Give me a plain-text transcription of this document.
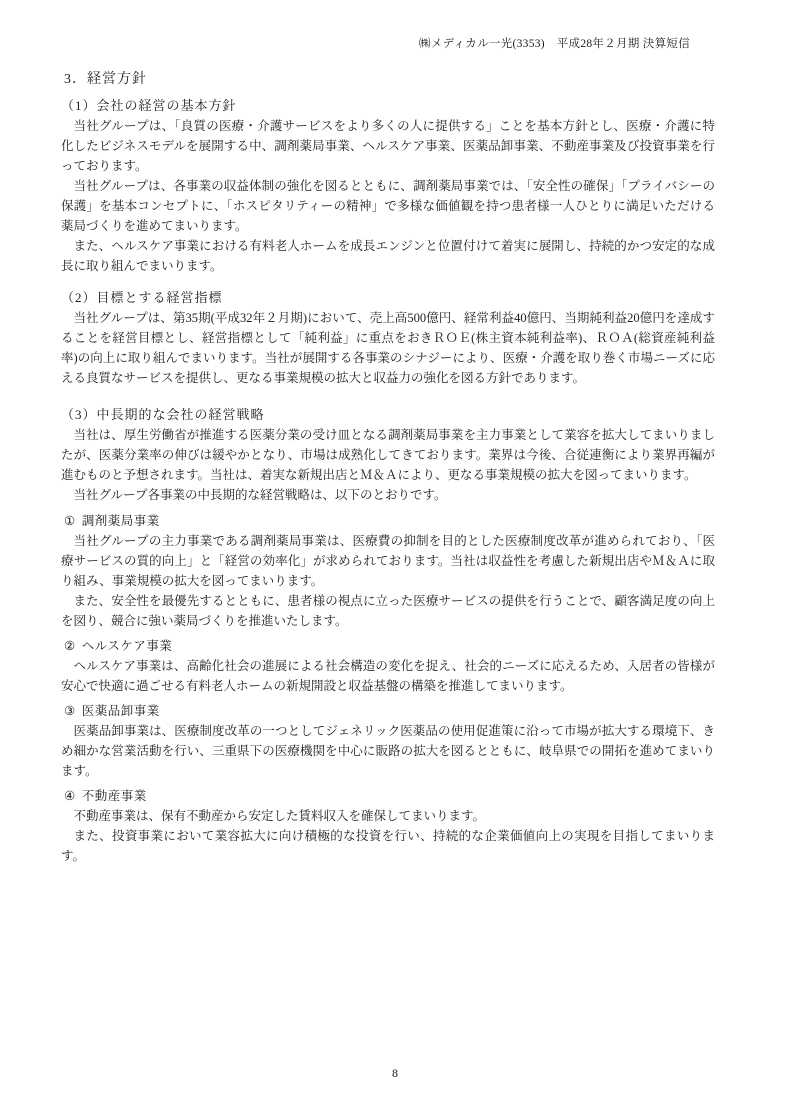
㈱メディカル一光(3353)　平成28年２月期 決算短信
3．経営方針
（1）会社の経営の基本方針

当社グループは、「良質の医療・介護サービスをより多くの人に提供する」ことを基本方針とし、医療・介護に特化したビジネスモデルを展開する中、調剤薬局事業、ヘルスケア事業、医薬品卸事業、不動産事業及び投資事業を行っております。

当社グループは、各事業の収益体制の強化を図るとともに、調剤薬局事業では、「安全性の確保」「プライバシーの保護」を基本コンセプトに、「ホスピタリティーの精神」で多様な価値観を持つ患者様一人ひとりに満足いただける薬局づくりを進めてまいります。

また、ヘルスケア事業における有料老人ホームを成長エンジンと位置付けて着実に展開し、持続的かつ安定的な成長に取り組んでまいります。

（2）目標とする経営指標

当社グループは、第35期(平成32年２月期)において、売上高500億円、経常利益40億円、当期純利益20億円を達成することを経営目標とし、経営指標として「純利益」に重点をおきＲＯＥ(株主資本純利益率)、ＲＯＡ(総資産純利益率)の向上に取り組んでまいります。当社が展開する各事業のシナジーにより、医療・介護を取り巻く市場ニーズに応える良質なサービスを提供し、更なる事業規模の拡大と収益力の強化を図る方針であります。

（3）中長期的な会社の経営戦略

当社は、厚生労働省が推進する医薬分業の受け皿となる調剤薬局事業を主力事業として業容を拡大してまいりましたが、医薬分業率の伸びは緩やかとなり、市場は成熟化してきております。業界は今後、合従連衡により業界再編が進むものと予想されます。当社は、着実な新規出店とＭ＆Ａにより、更なる事業規模の拡大を図ってまいります。

当社グループ各事業の中長期的な経営戦略は、以下のとおりです。

① 調剤薬局事業

当社グループの主力事業である調剤薬局事業は、医療費の抑制を目的とした医療制度改革が進められており、「医療サービスの質的向上」と「経営の効率化」が求められております。当社は収益性を考慮した新規出店やＭ＆Ａに取り組み、事業規模の拡大を図ってまいります。

また、安全性を最優先するとともに、患者様の視点に立った医療サービスの提供を行うことで、顧客満足度の向上を図り、競合に強い薬局づくりを推進いたします。

② ヘルスケア事業

ヘルスケア事業は、高齢化社会の進展による社会構造の変化を捉え、社会的ニーズに応えるため、入居者の皆様が安心で快適に過ごせる有料老人ホームの新規開設と収益基盤の構築を推進してまいります。

③ 医薬品卸事業

医薬品卸事業は、医療制度改革の一つとしてジェネリック医薬品の使用促進策に沿って市場が拡大する環境下、きめ細かな営業活動を行い、三重県下の医療機関を中心に販路の拡大を図るとともに、岐阜県での開拓を進めてまいります。

④ 不動産事業

不動産事業は、保有不動産から安定した賃料収入を確保してまいります。

また、投資事業において業容拡大に向け積極的な投資を行い、持続的な企業価値向上の実現を目指してまいります。

8
